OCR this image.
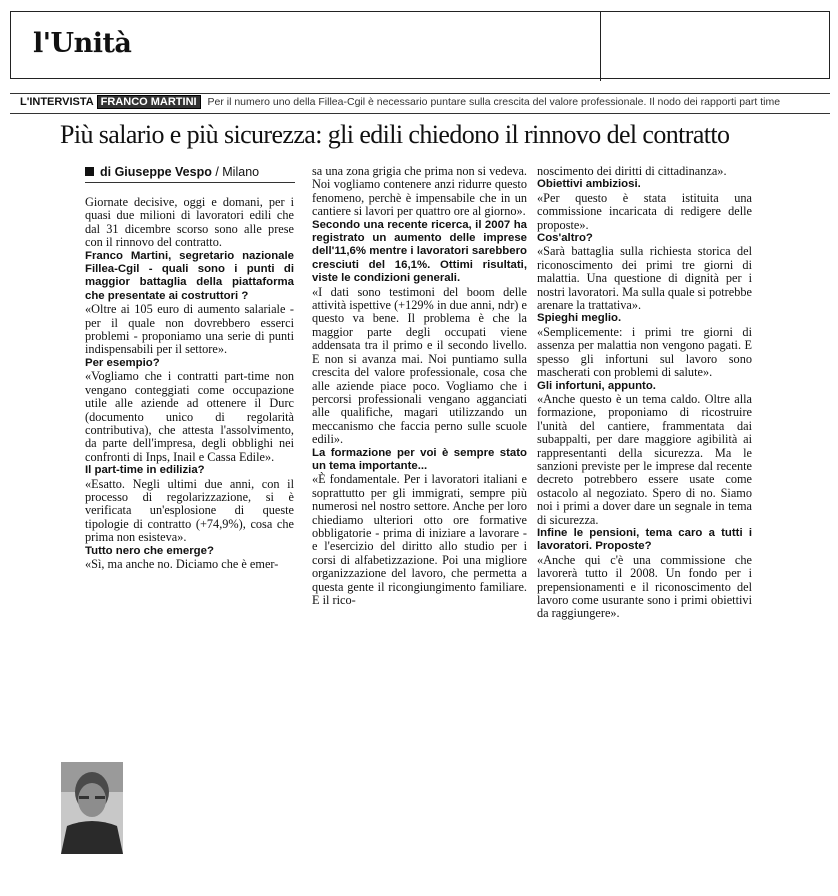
l'Unità
L'INTERVISTA FRANCO MARTINI Per il numero uno della Fillea-Cgil è necessario puntare sulla crescita del valore professionale. Il nodo dei rapporti part time
Più salario e più sicurezza: gli edili chiedono il rinnovo del contratto
di Giuseppe Vespo / Milano

Giornate decisive, oggi e domani, per i quasi due milioni di lavoratori edili che dal 31 dicembre scorso sono alle prese con il rinnovo del contratto.

Franco Martini, segretario nazionale Fillea-Cgil - quali sono i punti di maggior battaglia della piattaforma che presentate ai costruttori ?

«Oltre ai 105 euro di aumento salariale - per il quale non dovrebbero esserci problemi - proponiamo una serie di punti indispensabili per il settore».

Per esempio?

«Vogliamo che i contratti part-time non vengano conteggiati come occupazione utile alle aziende ad ottenere il Durc (documento unico di regolarità contributiva), che attesta l'assolvimento, da parte dell'impresa, degli obblighi nei confronti di Inps, Inail e Cassa Edile».

Il part-time in edilizia?

«Esatto. Negli ultimi due anni, con il processo di regolarizzazione, si è verificata un'esplosione di queste tipologie di contratto (+74,9%), cosa che prima non esisteva».

Tutto nero che emerge?

«Sì, ma anche no. Diciamo che è emer-

sa una zona grigia che prima non si vedeva. Noi vogliamo contenere anzi ridurre questo fenomeno, perchè è impensabile che in un cantiere si lavori per quattro ore al giorno».

Secondo una recente ricerca, il 2007 ha registrato un aumento delle imprese dell'11,6% mentre i lavoratori sarebbero cresciuti del 16,1%. Ottimi risultati, viste le condizioni generali.

«I dati sono testimoni del boom delle attività ispettive (+129% in due anni, ndr) e questo va bene. Il problema è che la maggior parte degli occupati viene addensata tra il primo e il secondo livello. E non si avanza mai. Noi puntiamo sulla crescita del valore professionale, cosa che alle aziende piace poco. Vogliamo che i percorsi professionali vengano agganciati alle qualifiche, magari utilizzando un meccanismo che faccia perno sulle scuole edili».

La formazione per voi è sempre stato un tema importante...

«È fondamentale. Per i lavoratori italiani e soprattutto per gli immigrati, sempre più numerosi nel nostro settore. Anche per loro chiediamo ulteriori otto ore formative obbligatorie - prima di iniziare a lavorare - e l'esercizio del diritto allo studio per i corsi di alfabetizzazione. Poi una migliore organizzazione del lavoro, che permetta a questa gente il ricongiungimento familiare. E il rico-

noscimento dei diritti di cittadinanza».

Obiettivi ambiziosi.

«Per questo è stata istituita una commissione incaricata di redigere delle proposte».

Cos'altro?

«Sarà battaglia sulla richiesta storica del riconoscimento dei primi tre giorni di malattia. Una questione di dignità per i nostri lavoratori. Ma sulla quale si potrebbe arenare la trattativa».

Spieghi meglio.

«Semplicemente: i primi tre giorni di assenza per malattia non vengono pagati. E spesso gli infortuni sul lavoro sono mascherati con problemi di salute».

Gli infortuni, appunto.

«Anche questo è un tema caldo. Oltre alla formazione, proponiamo di ricostruire l'unità del cantiere, frammentata dai subappalti, per dare maggiore agibilità ai rappresentanti della sicurezza. Ma le sanzioni previste per le imprese dal recente decreto potrebbero essere usate come ostacolo al negoziato. Spero di no. Siamo noi i primi a dover dare un segnale in tema di sicurezza.

Infine le pensioni, tema caro a tutti i lavoratori. Proposte?

«Anche qui c'è una commissione che lavorerà tutto il 2008. Un fondo per i prepensionamenti e il riconoscimento del lavoro come usurante sono i primi obiettivi da raggiungere».
